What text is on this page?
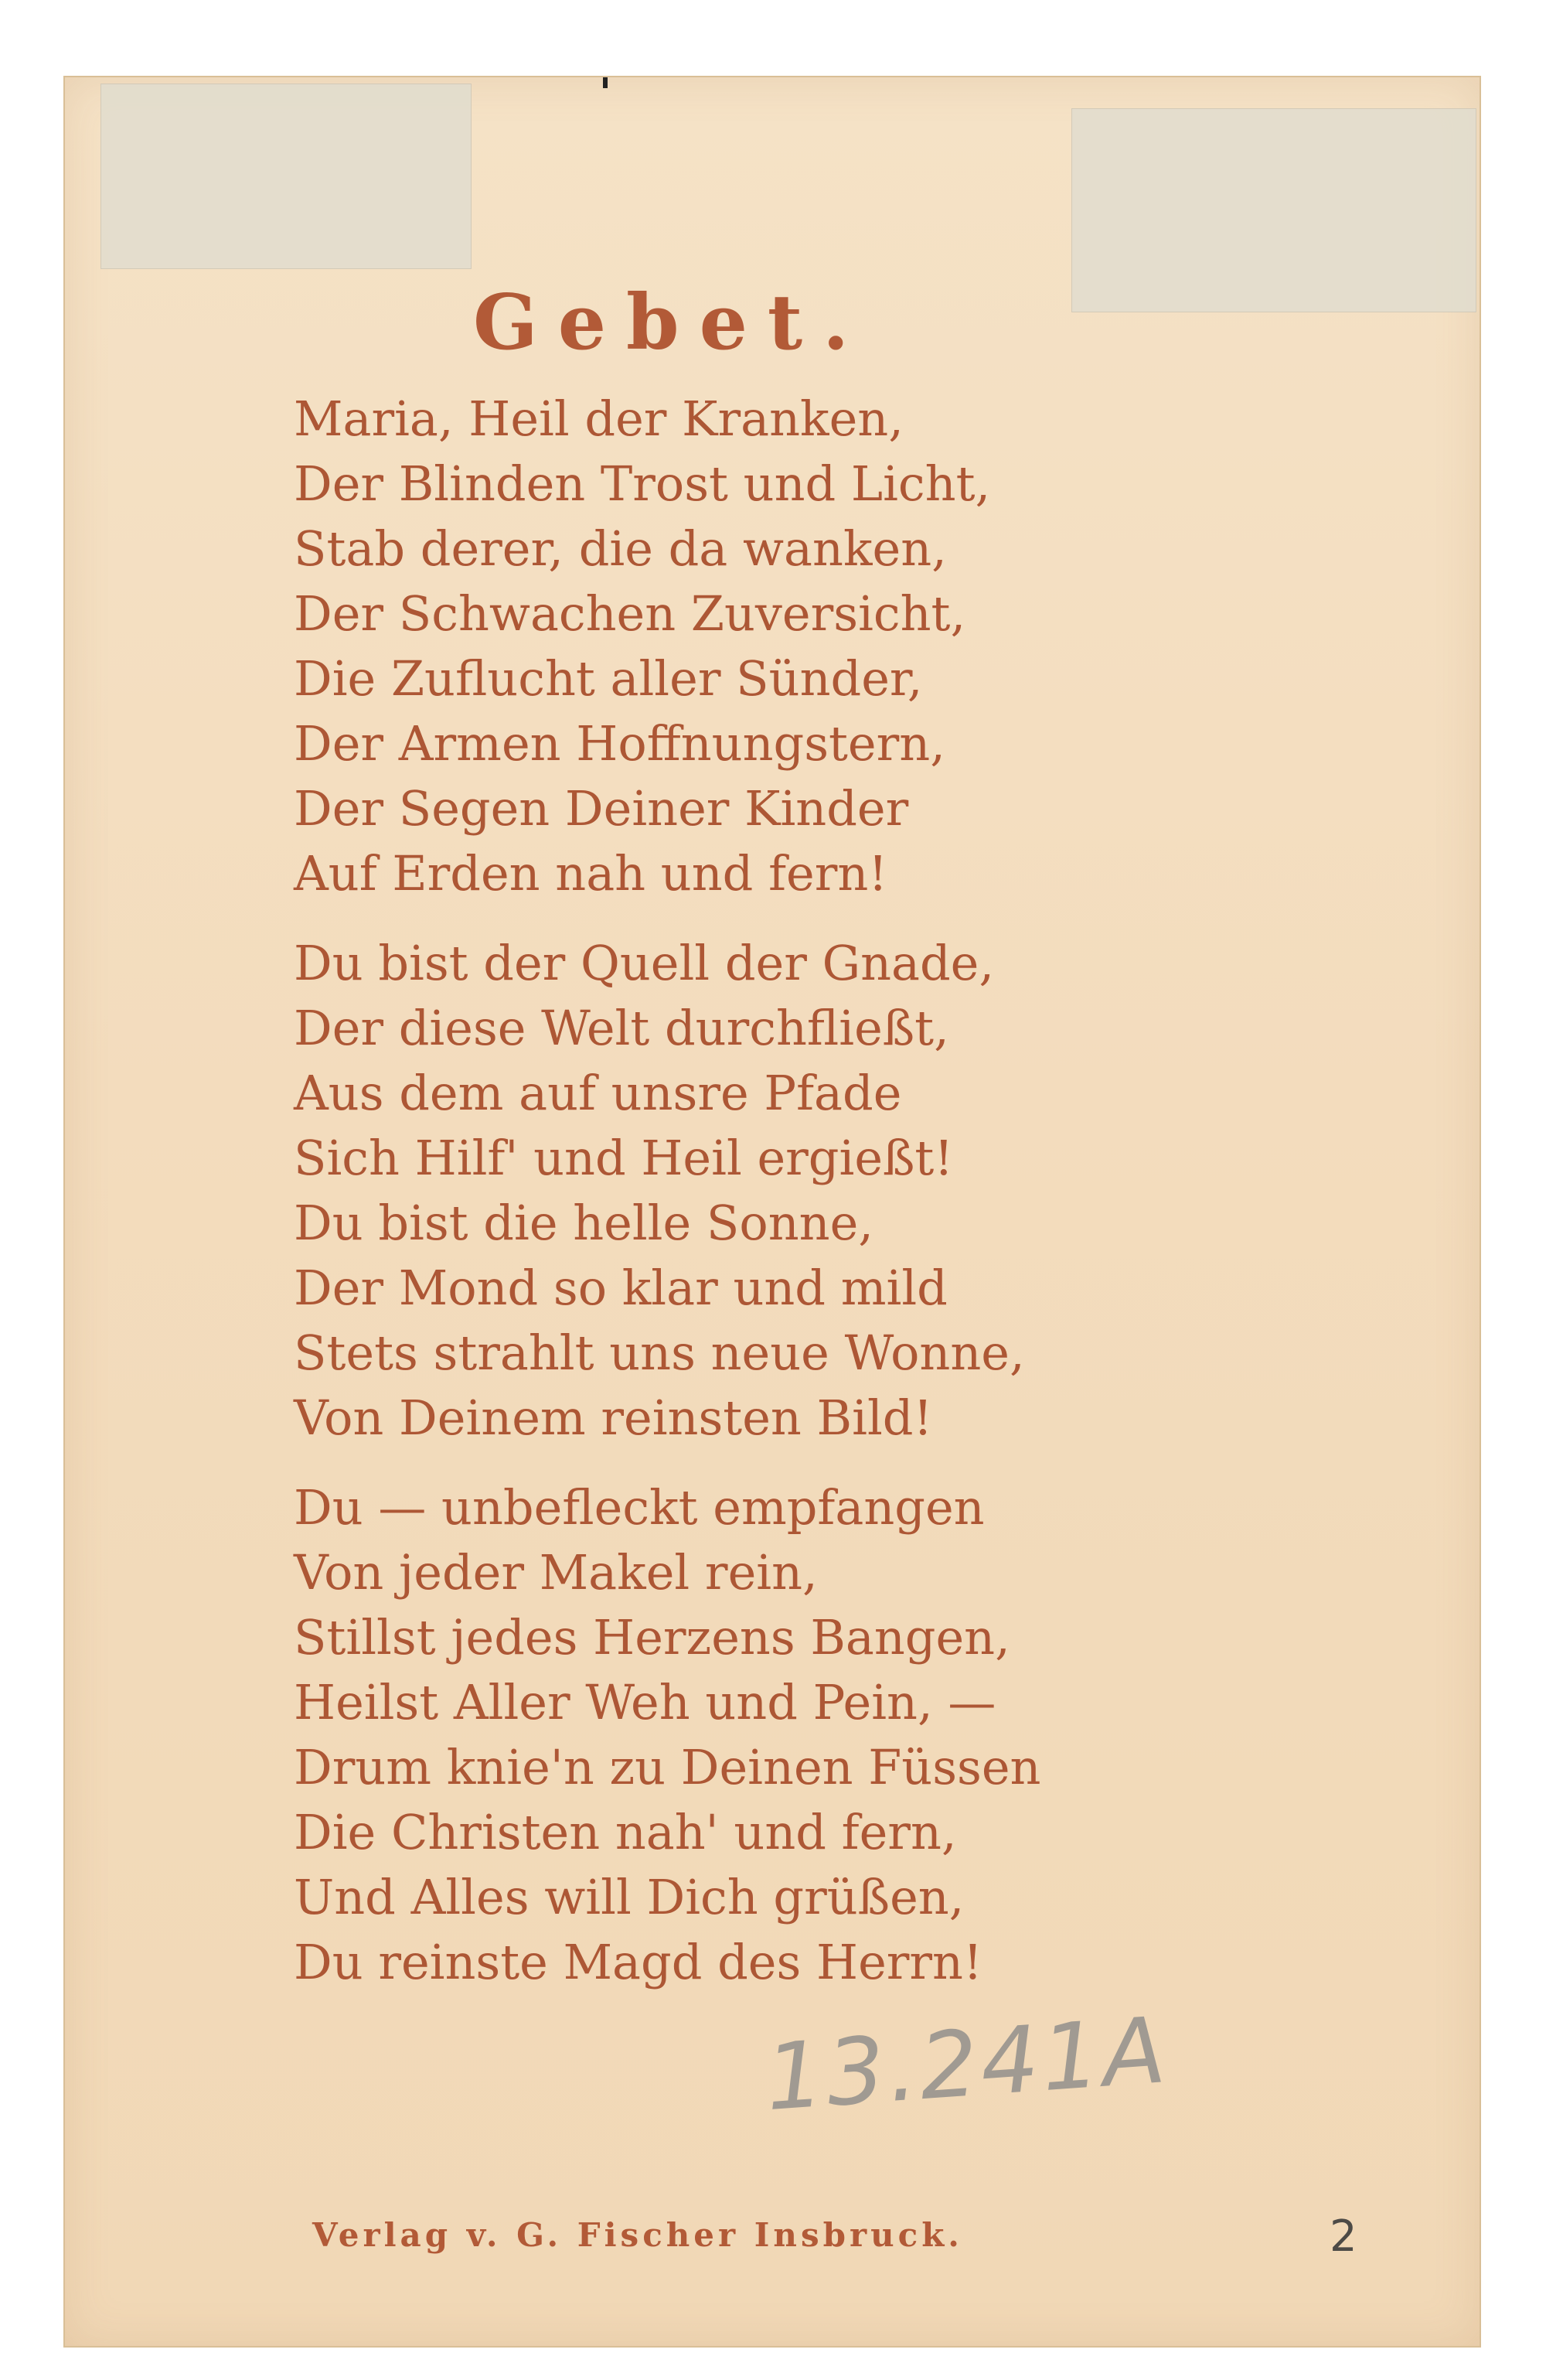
Gebet.

Maria, Heil der Kranken,
Der Blinden Trost und Licht,
Stab derer, die da wanken,
Der Schwachen Zuversicht,
Die Zuflucht aller Sünder,
Der Armen Hoffnungstern,
Der Segen Deiner Kinder
Auf Erden nah und fern!

Du bist der Quell der Gnade,
Der diese Welt durchfließt,
Aus dem auf unsre Pfade
Sich Hilf' und Heil ergießt!
Du bist die helle Sonne,
Der Mond so klar und mild
Stets strahlt uns neue Wonne,
Von Deinem reinsten Bild!

Du — unbefleckt empfangen
Von jeder Makel rein,
Stillst jedes Herzens Bangen,
Heilst Aller Weh und Pein, —
Drum knie'n zu Deinen Füssen
Die Christen nah' und fern,
Und Alles will Dich grüßen,
Du reinste Magd des Herrn!

13.241A
Verlag v. G. Fischer Insbruck.	2
